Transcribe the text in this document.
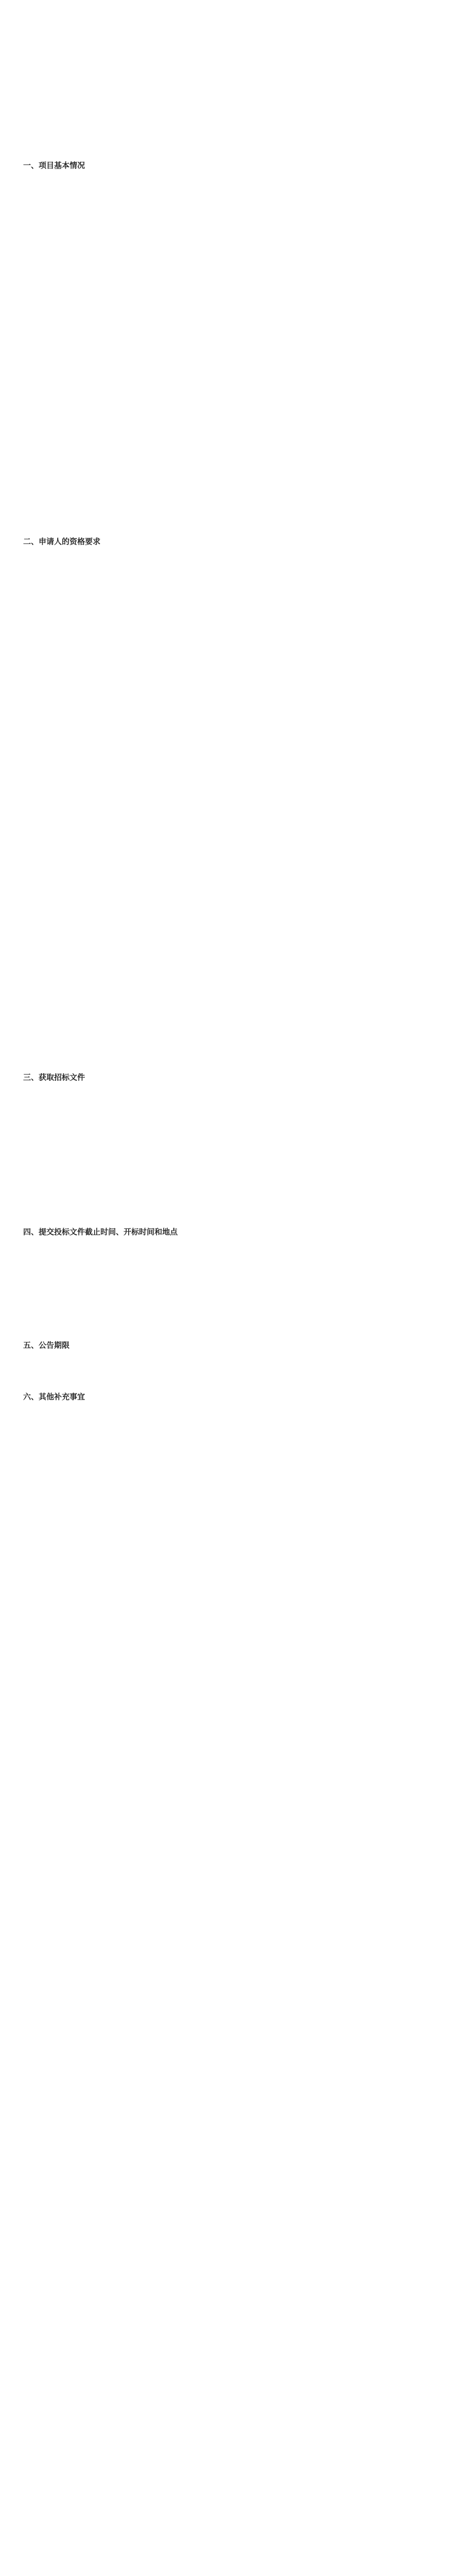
一、项目基本情况
二、申请人的资格要求
三、获取招标文件
四、提交投标文件截止时间、开标时间和地点
五、公告期限
六、其他补充事宜
